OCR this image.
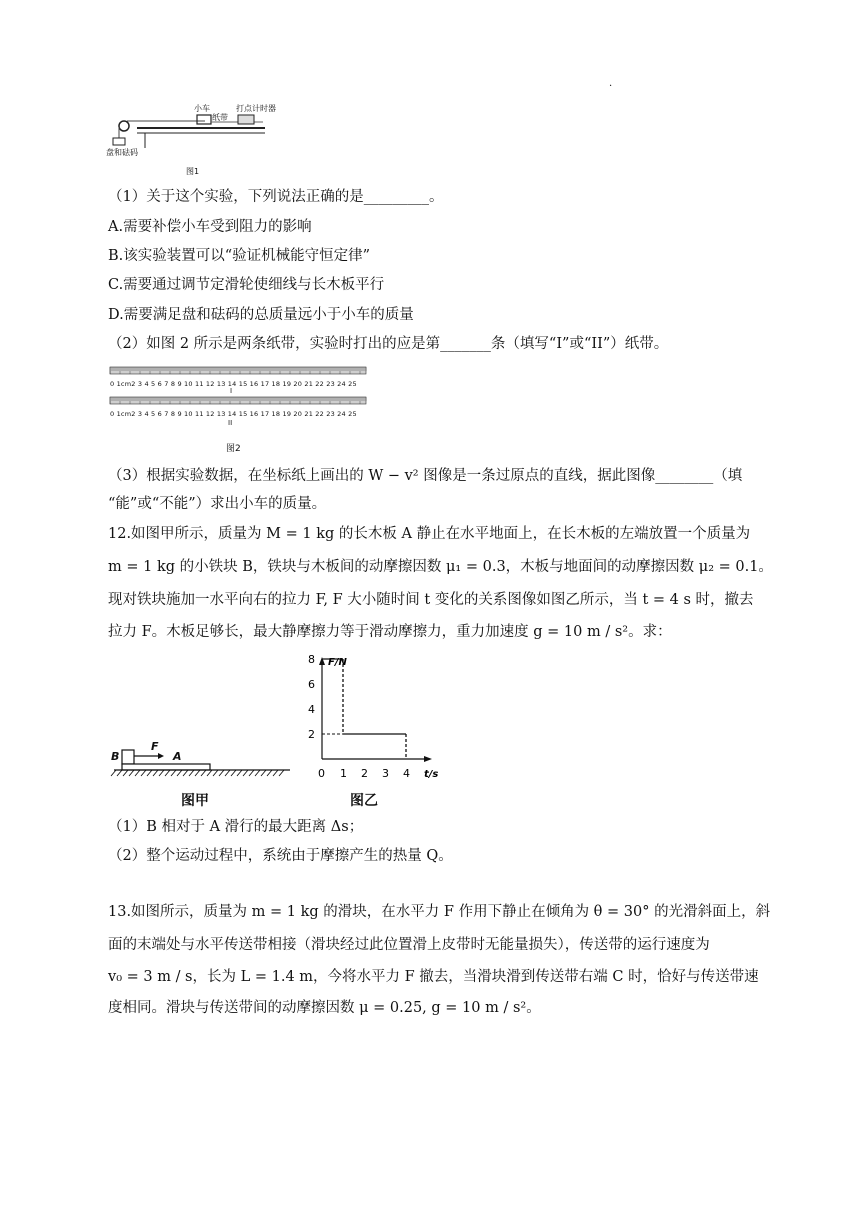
.
小车
纸带
打点计时器
盘和砝码
图1
（1）关于这个实验，下列说法正确的是_________。
A.需要补偿小车受到阻力的影响
B.该实验装置可以“验证机械能守恒定律”
C.需要通过调节定滑轮使细线与长木板平行
D.需要满足盘和砝码的总质量远小于小车的质量
（2）如图 2 所示是两条纸带，实验时打出的应是第_______条（填写“I”或“II”）纸带。
0 1cm2 3 4 5 6 7 8 9 10 11 12 13 14 15 16 17 18 19 20 21 22 23 24 25
0 1cm2 3 4 5 6 7 8 9 10 11 12 13 14 15 16 17 18 19 20 21 22 23 24 25
I
II
图2
（3）根据实验数据，在坐标纸上画出的 W − v² 图像是一条过原点的直线，据此图像________（填
“能”或“不能”）求出小车的质量。
12.如图甲所示，质量为 M = 1 kg 的长木板 A 静止在水平地面上，在长木板的左端放置一个质量为
m = 1 kg 的小铁块 B，铁块与木板间的动摩擦因数 μ₁ = 0.3，木板与地面间的动摩擦因数 μ₂ = 0.1。
现对铁块施加一水平向右的拉力 F, F 大小随时间 t 变化的关系图像如图乙所示，当 t = 4 s 时，撤去
拉力 F。木板足够长，最大静摩擦力等于滑动摩擦力，重力加速度 g = 10 m / s²。求：
B
F
A
图甲
F/N
t/s
8
6
4
2
0 1 2 3 4
图乙
（1）B 相对于 A 滑行的最大距离 Δs；
（2）整个运动过程中，系统由于摩擦产生的热量 Q。
13.如图所示，质量为 m = 1 kg 的滑块，在水平力 F 作用下静止在倾角为 θ = 30° 的光滑斜面上，斜
面的末端处与水平传送带相接（滑块经过此位置滑上皮带时无能量损失），传送带的运行速度为
v₀ = 3 m / s，长为 L = 1.4 m，今将水平力 F 撤去，当滑块滑到传送带右端 C 时，恰好与传送带速
度相同。滑块与传送带间的动摩擦因数 μ = 0.25, g = 10 m / s²。
